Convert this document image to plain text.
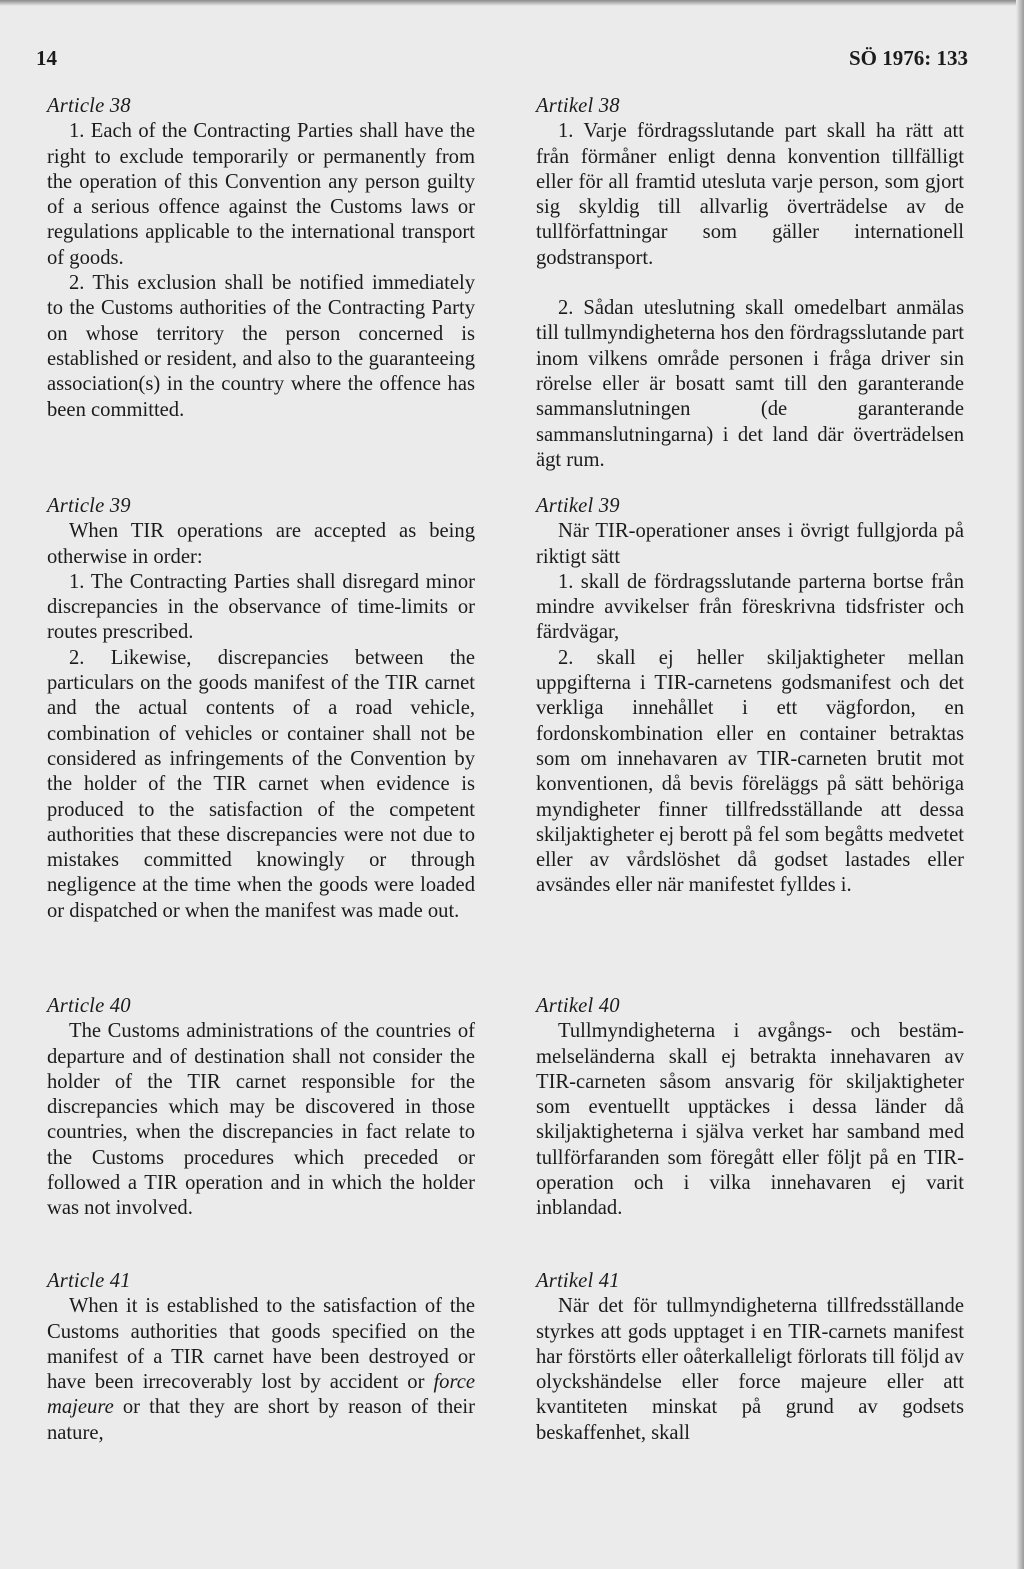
14	SÖ 1976: 133

Article 38

1. Each of the Contracting Parties shall have the right to exclude temporarily or permanently from the operation of this Convention any person guilty of a serious offence against the Customs laws or regulations applicable to the international transport of goods.

2. This exclusion shall be notified immediately to the Customs authorities of the Contracting Party on whose territory the person concerned is established or resident, and also to the guaranteeing association(s) in the country where the offence has been committed.

Article 39

When TIR operations are accepted as being otherwise in order:

1. The Contracting Parties shall disregard minor discrepancies in the observance of time-limits or routes prescribed.

2. Likewise, discrepancies between the particulars on the goods manifest of the TIR carnet and the actual contents of a road vehicle, combination of vehicles or container shall not be considered as infringements of the Convention by the holder of the TIR carnet when evidence is produced to the satisfaction of the competent authorities that these discrepancies were not due to mistakes committed knowingly or through negligence at the time when the goods were loaded or dispatched or when the manifest was made out.

Article 40

The Customs administrations of the countries of departure and of destination shall not consider the holder of the TIR carnet responsible for the discrepancies which may be discovered in those countries, when the discrepancies in fact relate to the Customs procedures which preceded or followed a TIR operation and in which the holder was not involved.

Article 41

When it is established to the satisfaction of the Customs authorities that goods specified on the manifest of a TIR carnet have been destroyed or have been irrecoverably lost by accident or force majeure or that they are short by reason of their nature,

Artikel 38

1. Varje fördragsslutande part skall ha rätt att från förmåner enligt denna konvention tillfälligt eller för all framtid utesluta varje person, som gjort sig skyldig till allvarlig överträdelse av de tullförfattningar som gäller internationell godstransport.

2. Sådan uteslutning skall omedelbart anmälas till tullmyndigheterna hos den fördragsslutande part inom vilkens område personen i fråga driver sin rörelse eller är bosatt samt till den garanterande sammanslutningen (de garanterande sammanslutningarna) i det land där överträdelsen ägt rum.

Artikel 39

När TIR-operationer anses i övrigt fullgjorda på riktigt sätt

1. skall de fördragsslutande parterna bortse från mindre avvikelser från föreskrivna tidsfrister och färdvägar,

2. skall ej heller skiljaktigheter mellan uppgifterna i TIR-carnetens godsmanifest och det verkliga innehållet i ett vägfordon, en fordonskombination eller en container betraktas som om innehavaren av TIR-carneten brutit mot konventionen, då bevis föreläggs på sätt behöriga myndigheter finner tillfredsställande att dessa skiljaktigheter ej berott på fel som begåtts medvetet eller av vårdslöshet då godset lastades eller avsändes eller när manifestet fylldes i.

Artikel 40

Tullmyndigheterna i avgångs- och bestämmelseländerna skall ej betrakta innehavaren av TIR-carneten såsom ansvarig för skiljaktigheter som eventuellt upptäckes i dessa länder då skiljaktigheterna i själva verket har samband med tullförfaranden som föregått eller följt på en TIR-operation och i vilka innehavaren ej varit inblandad.

Artikel 41

När det för tullmyndigheterna tillfredsställande styrkes att gods upptaget i en TIR-carnets manifest har förstörts eller oåterkalleligt förlorats till följd av olyckshändelse eller force majeure eller att kvantiteten minskat på grund av godsets beskaffenhet, skall
